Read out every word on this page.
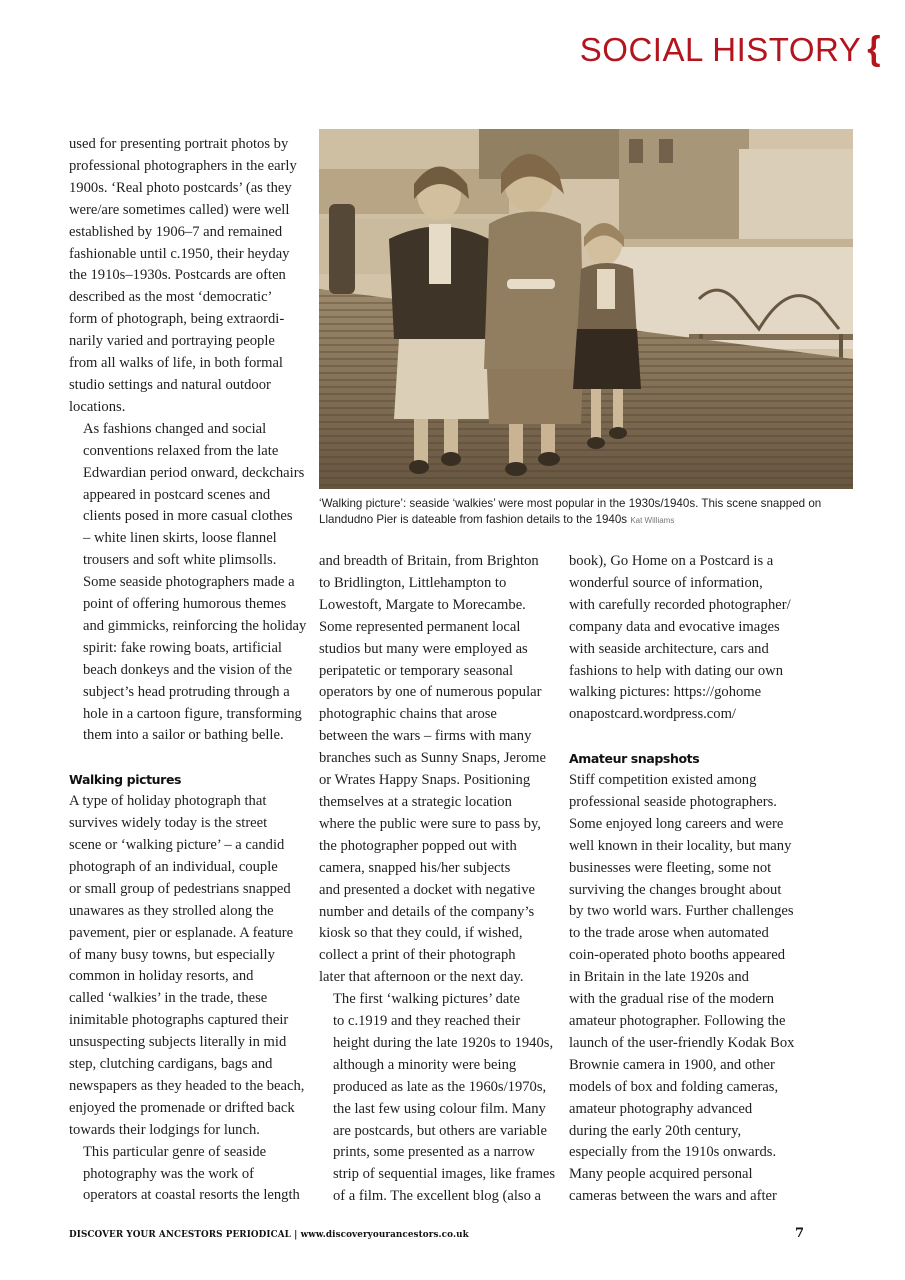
SOCIAL HISTORY {

used for presenting portrait photos by
professional photographers in the early
1900s. ‘Real photo postcards’ (as they
were/are sometimes called) were well
established by 1906–7 and remained
fashionable until c.1950, their heyday
the 1910s–1930s. Postcards are often
described as the most ‘democratic’
form of photograph, being extraordi-
narily varied and portraying people
from all walks of life, in both formal
studio settings and natural outdoor
locations.

As fashions changed and social
conventions relaxed from the late
Edwardian period onward, deckchairs
appeared in postcard scenes and
clients posed in more casual clothes
– white linen skirts, loose flannel
trousers and soft white plimsolls.
Some seaside photographers made a
point of offering humorous themes
and gimmicks, reinforcing the holiday
spirit: fake rowing boats, artificial
beach donkeys and the vision of the
subject’s head protruding through a
hole in a cartoon figure, transforming
them into a sailor or bathing belle.

Walking pictures

A type of holiday photograph that
survives widely today is the street
scene or ‘walking picture’ – a candid
photograph of an individual, couple
or small group of pedestrians snapped
unawares as they strolled along the
pavement, pier or esplanade. A feature
of many busy towns, but especially
common in holiday resorts, and
called ‘walkies’ in the trade, these
inimitable photographs captured their
unsuspecting subjects literally in mid
step, clutching cardigans, bags and
newspapers as they headed to the beach,
enjoyed the promenade or drifted back
towards their lodgings for lunch.

This particular genre of seaside
photography was the work of
operators at coastal resorts the length

‘Walking picture’: seaside ‘walkies’ were most popular in the 1930s/1940s. This scene snapped on Llandudno Pier is dateable from fashion details to the 1940s Kat Williams

and breadth of Britain, from Brighton
to Bridlington, Littlehampton to
Lowestoft, Margate to Morecambe.
Some represented permanent local
studios but many were employed as
peripatetic or temporary seasonal
operators by one of numerous popular
photographic chains that arose
between the wars – firms with many
branches such as Sunny Snaps, Jerome
or Wrates Happy Snaps. Positioning
themselves at a strategic location
where the public were sure to pass by,
the photographer popped out with
camera, snapped his/her subjects
and presented a docket with negative
number and details of the company’s
kiosk so that they could, if wished,
collect a print of their photograph
later that afternoon or the next day.

The first ‘walking pictures’ date
to c.1919 and they reached their
height during the late 1920s to 1940s,
although a minority were being
produced as late as the 1960s/1970s,
the last few using colour film. Many
are postcards, but others are variable
prints, some presented as a narrow
strip of sequential images, like frames
of a film. The excellent blog (also a

book), Go Home on a Postcard is a
wonderful source of information,
with carefully recorded photographer/
company data and evocative images
with seaside architecture, cars and
fashions to help with dating our own
walking pictures: https://gohome
onapostcard.wordpress.com/

Amateur snapshots

Stiff competition existed among
professional seaside photographers.
Some enjoyed long careers and were
well known in their locality, but many
businesses were fleeting, some not
surviving the changes brought about
by two world wars. Further challenges
to the trade arose when automated
coin-operated photo booths appeared
in Britain in the late 1920s and
with the gradual rise of the modern
amateur photographer. Following the
launch of the user-friendly Kodak Box
Brownie camera in 1900, and other
models of box and folding cameras,
amateur photography advanced
during the early 20th century,
especially from the 1910s onwards.
Many people acquired personal
cameras between the wars and after

DISCOVER YOUR ANCESTORS PERIODICAL | www.discoveryourancestors.co.uk	7
